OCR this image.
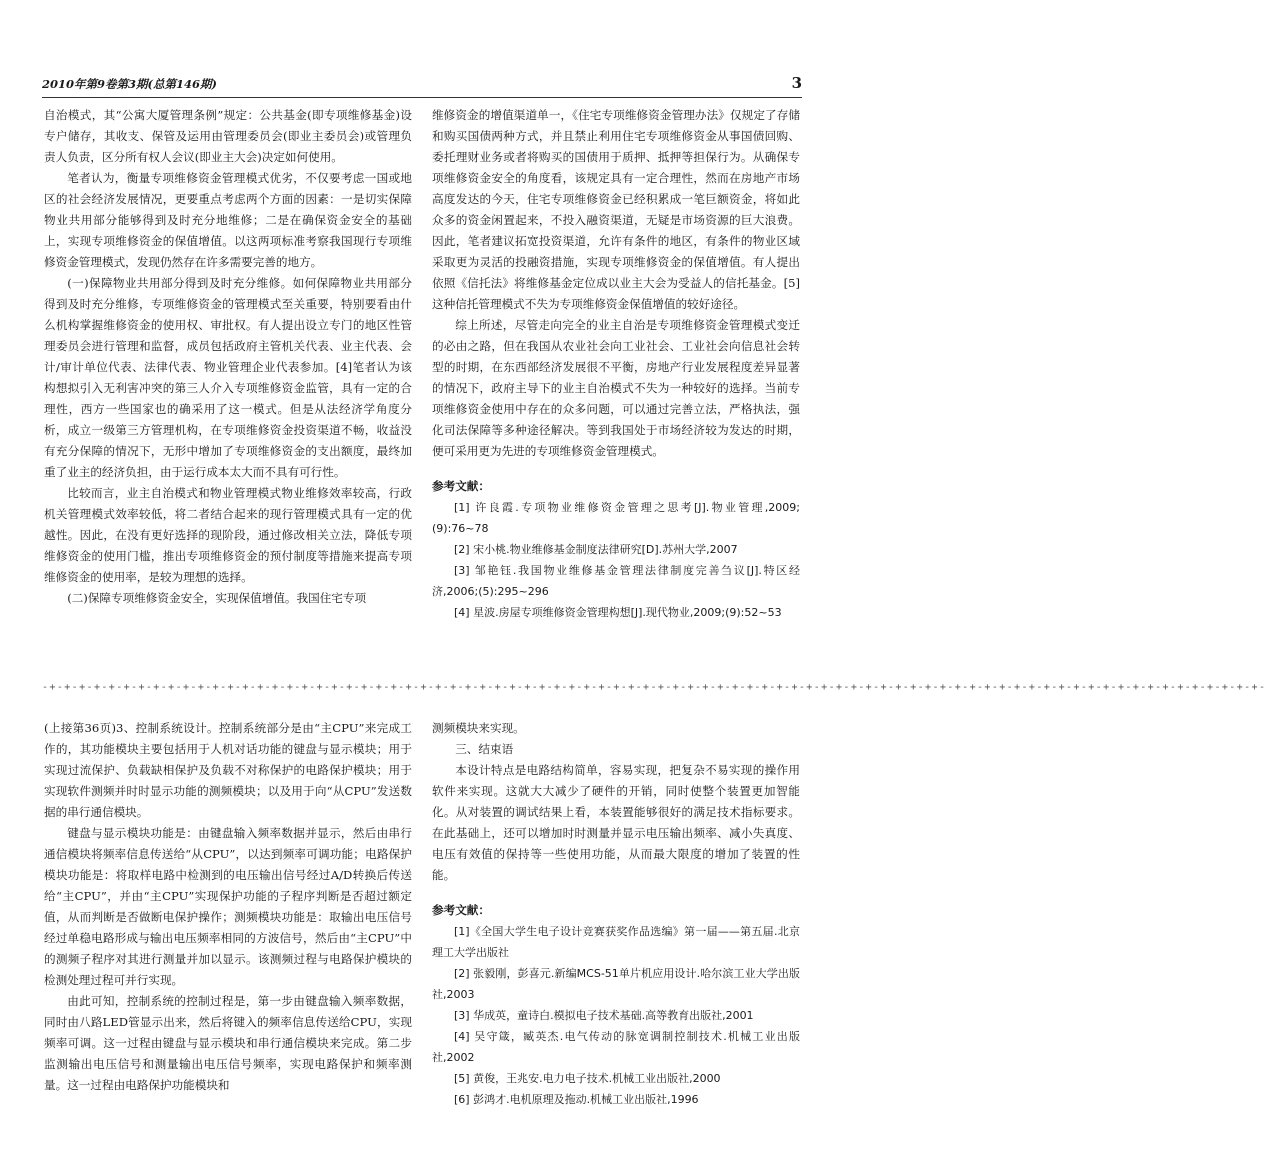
2010年第9卷第3期(总第146期)	3

自治模式，其“公寓大厦管理条例”规定：公共基金(即专项维修基金)设专户储存，其收支、保管及运用由管理委员会(即业主委员会)或管理负责人负责，区分所有权人会议(即业主大会)决定如何使用。

笔者认为，衡量专项维修资金管理模式优劣，不仅要考虑一国或地区的社会经济发展情况，更要重点考虑两个方面的因素：一是切实保障物业共用部分能够得到及时充分地维修；二是在确保资金安全的基础上，实现专项维修资金的保值增值。以这两项标准考察我国现行专项维修资金管理模式，发现仍然存在许多需要完善的地方。

(一)保障物业共用部分得到及时充分维修。如何保障物业共用部分得到及时充分维修，专项维修资金的管理模式至关重要，特别要看由什么机构掌握维修资金的使用权、审批权。有人提出设立专门的地区性管理委员会进行管理和监督，成员包括政府主管机关代表、业主代表、会计/审计单位代表、法律代表、物业管理企业代表参加。[4]笔者认为该构想拟引入无利害冲突的第三人介入专项维修资金监管，具有一定的合理性，西方一些国家也的确采用了这一模式。但是从法经济学角度分析，成立一级第三方管理机构，在专项维修资金投资渠道不畅，收益没有充分保障的情况下，无形中增加了专项维修资金的支出额度，最终加重了业主的经济负担，由于运行成本太大而不具有可行性。

比较而言，业主自治模式和物业管理模式物业维修效率较高，行政机关管理模式效率较低，将二者结合起来的现行管理模式具有一定的优越性。因此，在没有更好选择的现阶段，通过修改相关立法，降低专项维修资金的使用门槛，推出专项维修资金的预付制度等措施来提高专项维修资金的使用率，是较为理想的选择。

(二)保障专项维修资金安全，实现保值增值。我国住宅专项

维修资金的增值渠道单一，《住宅专项维修资金管理办法》仅规定了存储和购买国债两种方式，并且禁止利用住宅专项维修资金从事国债回购、委托理财业务或者将购买的国债用于质押、抵押等担保行为。从确保专项维修资金安全的角度看，该规定具有一定合理性，然而在房地产市场高度发达的今天，住宅专项维修资金已经积累成一笔巨额资金，将如此众多的资金闲置起来，不投入融资渠道，无疑是市场资源的巨大浪费。因此，笔者建议拓宽投资渠道，允许有条件的地区，有条件的物业区域采取更为灵活的投融资措施，实现专项维修资金的保值增值。有人提出依照《信托法》将维修基金定位成以业主大会为受益人的信托基金。[5]这种信托管理模式不失为专项维修资金保值增值的较好途径。

综上所述，尽管走向完全的业主自治是专项维修资金管理模式变迁的必由之路，但在我国从农业社会向工业社会、工业社会向信息社会转型的时期，在东西部经济发展很不平衡，房地产行业发展程度差异显著的情况下，政府主导下的业主自治模式不失为一种较好的选择。当前专项维修资金使用中存在的众多问题，可以通过完善立法，严格执法，强化司法保障等多种途径解决。等到我国处于市场经济较为发达的时期，便可采用更为先进的专项维修资金管理模式。

参考文献：

[1] 许良霞.专项物业维修资金管理之思考[J].物业管理,2009;(9):76~78

[2] 宋小桃.物业维修基金制度法律研究[D].苏州大学,2007

[3] 邹艳钰.我国物业维修基金管理法律制度完善刍议[J].特区经济,2006;(5):295~296

[4] 星波.房屋专项维修资金管理构想[J].现代物业,2009;(9):52~53

-+-+-+-+-+-+-+-+-+-+-+-+-+-+-+-+-+-+-+-+-+-+-+-+-+-+-+-+-+-+-+-+-+-+-+-+-+-+-+-+-+-+-+-+-+-+-+-+-+-+-+-+-+-+-+-+-+-+-+-+-+-+-+-+-+-+-+-+-+-+-+-+-+-+-+-+-+-+-+-+-+-+-

(上接第36页)3、控制系统设计。控制系统部分是由“主CPU”来完成工作的，其功能模块主要包括用于人机对话功能的键盘与显示模块；用于实现过流保护、负载缺相保护及负载不对称保护的电路保护模块；用于实现软件测频并时时显示功能的测频模块；以及用于向“从CPU”发送数据的串行通信模块。

键盘与显示模块功能是：由键盘输入频率数据并显示，然后由串行通信模块将频率信息传送给“从CPU”，以达到频率可调功能；电路保护模块功能是：将取样电路中检测到的电压输出信号经过A/D转换后传送给“主CPU”，并由“主CPU”实现保护功能的子程序判断是否超过额定值，从而判断是否做断电保护操作；测频模块功能是：取输出电压信号经过单稳电路形成与输出电压频率相同的方波信号，然后由“主CPU”中的测频子程序对其进行测量并加以显示。该测频过程与电路保护模块的检测处理过程可并行实现。

由此可知，控制系统的控制过程是，第一步由键盘输入频率数据，同时由八路LED管显示出来，然后将键入的频率信息传送给CPU，实现频率可调。这一过程由键盘与显示模块和串行通信模块来完成。第二步监测输出电压信号和测量输出电压信号频率，实现电路保护和频率测量。这一过程由电路保护功能模块和

测频模块来实现。

三、结束语

本设计特点是电路结构简单，容易实现，把复杂不易实现的操作用软件来实现。这就大大减少了硬件的开销，同时使整个装置更加智能化。从对装置的调试结果上看，本装置能够很好的满足技术指标要求。在此基础上，还可以增加时时测量并显示电压输出频率、减小失真度、电压有效值的保持等一些使用功能，从而最大限度的增加了装置的性能。

参考文献：

[1]《全国大学生电子设计竞赛获奖作品选编》第一届——第五届.北京理工大学出版社

[2] 张毅刚，彭喜元.新编MCS-51单片机应用设计.哈尔滨工业大学出版社,2003

[3] 华成英，童诗白.模拟电子技术基础.高等教育出版社,2001

[4] 吴守箴，臧英杰.电气传动的脉宽调制控制技术.机械工业出版社,2002

[5] 黄俊，王兆安.电力电子技术.机械工业出版社,2000

[6] 彭鸿才.电机原理及拖动.机械工业出版社,1996
